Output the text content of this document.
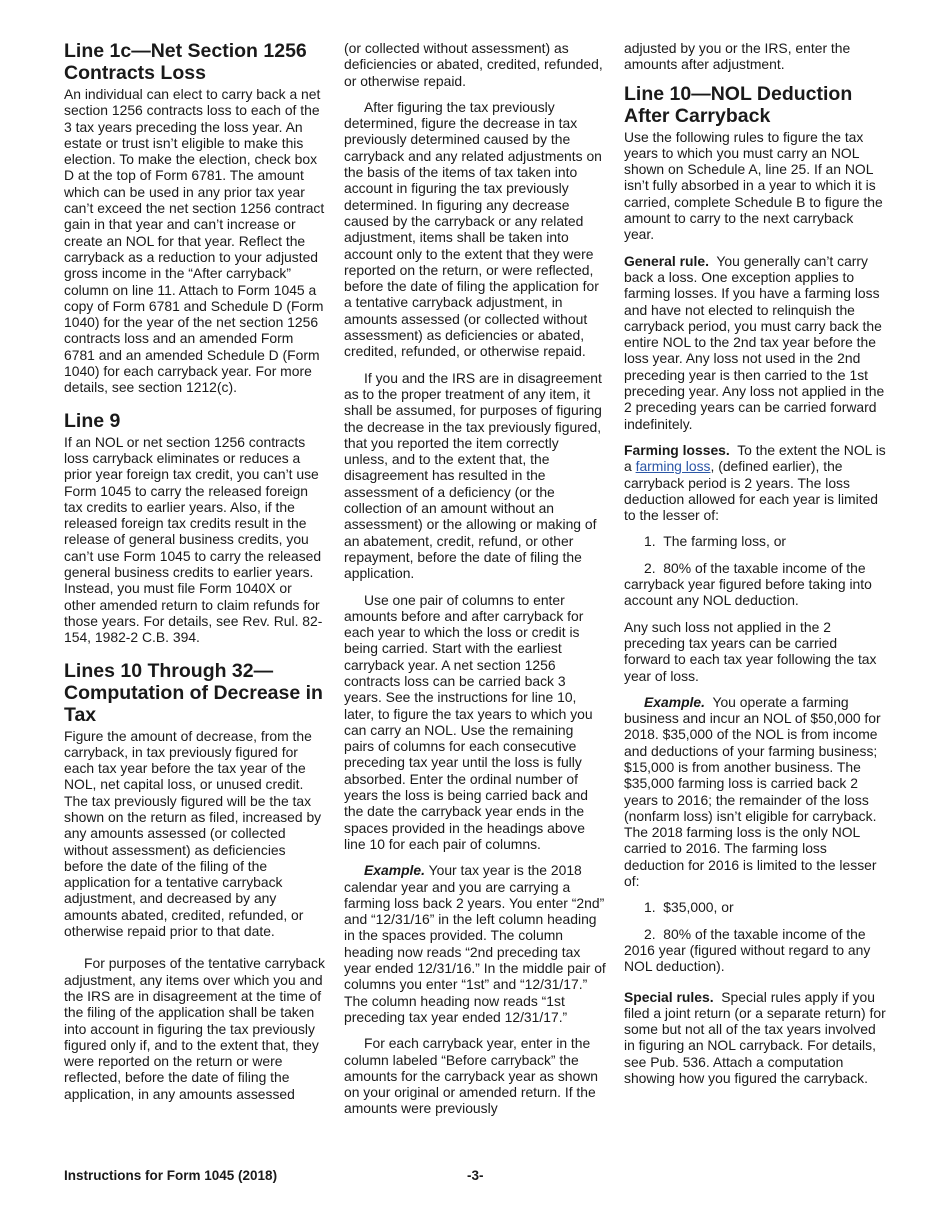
Line 1c—Net Section 1256 Contracts Loss

An individual can elect to carry back a net section 1256 contracts loss to each of the 3 tax years preceding the loss year. An estate or trust isn’t eligible to make this election. To make the election, check box D at the top of Form 6781. The amount which can be used in any prior tax year can’t exceed the net section 1256 contract gain in that year and can’t increase or create an NOL for that year. Reflect the carryback as a reduction to your adjusted gross income in the “After carryback” column on line 11. Attach to Form 1045 a copy of Form 6781 and Schedule D (Form 1040) for the year of the net section 1256 contracts loss and an amended Form 6781 and an amended Schedule D (Form 1040) for each carryback year. For more details, see section 1212(c).

Line 9

If an NOL or net section 1256 contracts loss carryback eliminates or reduces a prior year foreign tax credit, you can’t use Form 1045 to carry the released foreign tax credits to earlier years. Also, if the released foreign tax credits result in the release of general business credits, you can’t use Form 1045 to carry the released general business credits to earlier years. Instead, you must file Form 1040X or other amended return to claim refunds for those years. For details, see Rev. Rul. 82-154, 1982-2 C.B. 394.

Lines 10 Through 32—Computation of Decrease in Tax

Figure the amount of decrease, from the carryback, in tax previously figured for each tax year before the tax year of the NOL, net capital loss, or unused credit. The tax previously figured will be the tax shown on the return as filed, increased by any amounts assessed (or collected without assessment) as deficiencies before the date of the filing of the application for a tentative carryback adjustment, and decreased by any amounts abated, credited, refunded, or otherwise repaid prior to that date.

For purposes of the tentative carryback adjustment, any items over which you and the IRS are in disagreement at the time of the filing of the application shall be taken into account in figuring the tax previously figured only if, and to the extent that, they were reported on the return or were reflected, before the date of filing the application, in any amounts assessed

(or collected without assessment) as deficiencies or abated, credited, refunded, or otherwise repaid.

After figuring the tax previously determined, figure the decrease in tax previously determined caused by the carryback and any related adjustments on the basis of the items of tax taken into account in figuring the tax previously determined. In figuring any decrease caused by the carryback or any related adjustment, items shall be taken into account only to the extent that they were reported on the return, or were reflected, before the date of filing the application for a tentative carryback adjustment, in amounts assessed (or collected without assessment) as deficiencies or abated, credited, refunded, or otherwise repaid.

If you and the IRS are in disagreement as to the proper treatment of any item, it shall be assumed, for purposes of figuring the decrease in the tax previously figured, that you reported the item correctly unless, and to the extent that, the disagreement has resulted in the assessment of a deficiency (or the collection of an amount without an assessment) or the allowing or making of an abatement, credit, refund, or other repayment, before the date of filing the application.

Use one pair of columns to enter amounts before and after carryback for each year to which the loss or credit is being carried. Start with the earliest carryback year. A net section 1256 contracts loss can be carried back 3 years. See the instructions for line 10, later, to figure the tax years to which you can carry an NOL. Use the remaining pairs of columns for each consecutive preceding tax year until the loss is fully absorbed. Enter the ordinal number of years the loss is being carried back and the date the carryback year ends in the spaces provided in the headings above line 10 for each pair of columns.

Example. Your tax year is the 2018 calendar year and you are carrying a farming loss back 2 years. You enter “2nd” and “12/31/16” in the left column heading in the spaces provided. The column heading now reads “2nd preceding tax year ended 12/31/16.” In the middle pair of columns you enter “1st” and “12/31/17.” The column heading now reads “1st preceding tax year ended 12/31/17.”

For each carryback year, enter in the column labeled “Before carryback” the amounts for the carryback year as shown on your original or amended return. If the amounts were previously

adjusted by you or the IRS, enter the amounts after adjustment.

Line 10—NOL Deduction After Carryback

Use the following rules to figure the tax years to which you must carry an NOL shown on Schedule A, line 25. If an NOL isn’t fully absorbed in a year to which it is carried, complete Schedule B to figure the amount to carry to the next carryback year.

General rule. You generally can’t carry back a loss. One exception applies to farming losses. If you have a farming loss and have not elected to relinquish the carryback period, you must carry back the entire NOL to the 2nd tax year before the loss year. Any loss not used in the 2nd preceding year is then carried to the 1st preceding year. Any loss not applied in the 2 preceding years can be carried forward indefinitely.

Farming losses. To the extent the NOL is a farming loss, (defined earlier), the carryback period is 2 years. The loss deduction allowed for each year is limited to the lesser of:

1.  The farming loss, or

2.  80% of the taxable income of the carryback year figured before taking into account any NOL deduction.

Any such loss not applied in the 2 preceding tax years can be carried forward to each tax year following the tax year of loss.

Example. You operate a farming business and incur an NOL of $50,000 for 2018. $35,000 of the NOL is from income and deductions of your farming business; $15,000 is from another business. The $35,000 farming loss is carried back 2 years to 2016; the remainder of the loss (nonfarm loss) isn’t eligible for carryback. The 2018 farming loss is the only NOL carried to 2016. The farming loss deduction for 2016 is limited to the lesser of:

1.  $35,000, or

2.  80% of the taxable income of the 2016 year (figured without regard to any NOL deduction).

Special rules. Special rules apply if you filed a joint return (or a separate return) for some but not all of the tax years involved in figuring an NOL carryback. For details, see Pub. 536. Attach a computation showing how you figured the carryback.

Instructions for Form 1045 (2018)	-3-
